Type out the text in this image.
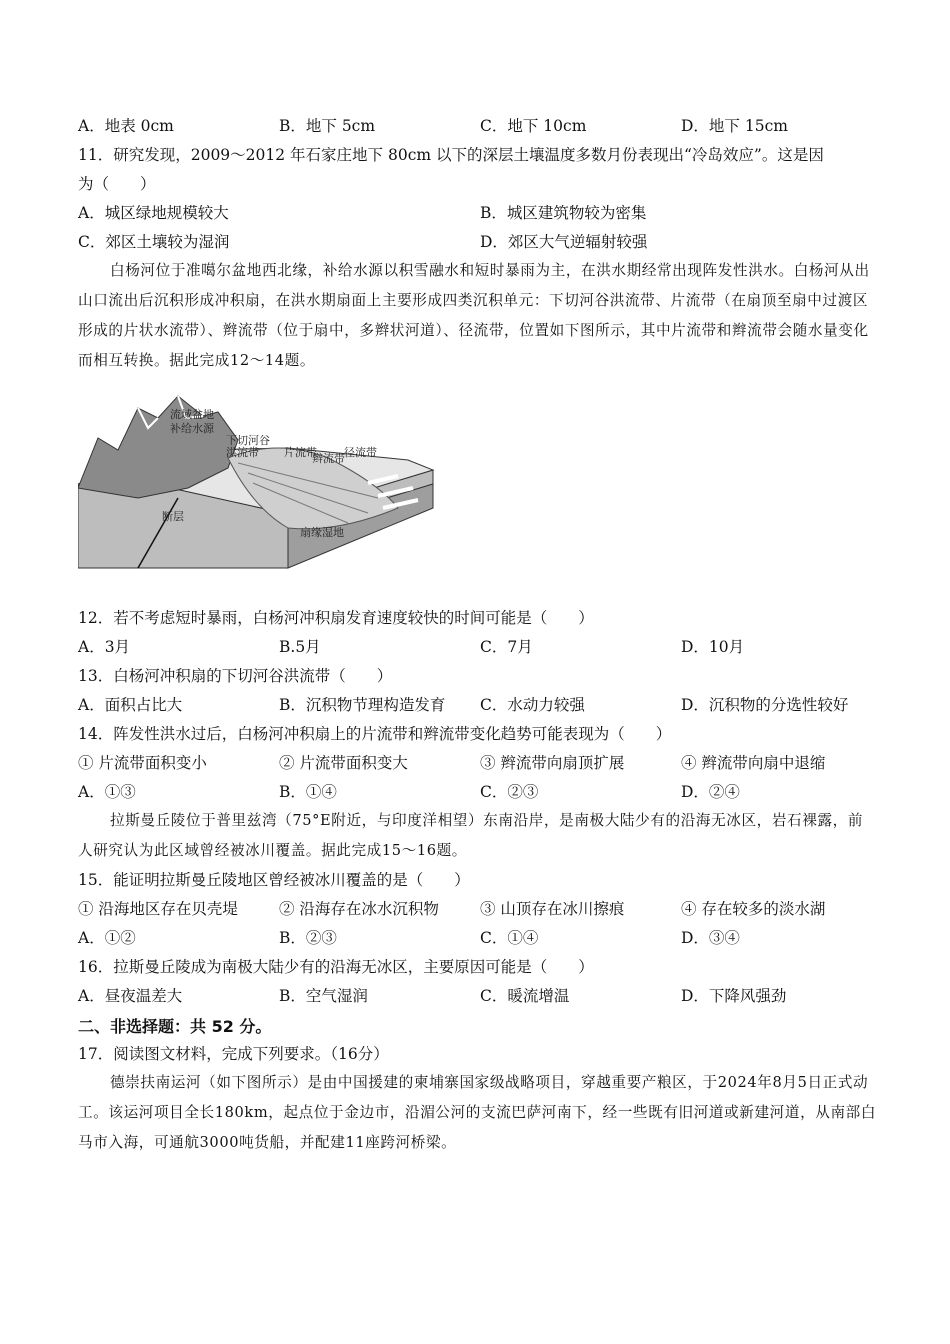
A．地表 0cm	B．地下 5cm	C．地下 10cm	D．地下 15cm
11．研究发现，2009～2012 年石家庄地下 80cm 以下的深层土壤温度多数月份表现出“冷岛效应”。这是因
为（　　）
A．城区绿地规模较大	B．城区建筑物较为密集
C．郊区土壤较为湿润	D．郊区大气逆辐射较强
白杨河位于准噶尔盆地西北缘，补给水源以积雪融水和短时暴雨为主，在洪水期经常出现阵发性洪水。白杨河从出山口流出后沉积形成冲积扇，在洪水期扇面上主要形成四类沉积单元：下切河谷洪流带、片流带（在扇顶至扇中过渡区形成的片状水流带）、辫流带（位于扇中，多辫状河道）、径流带，位置如下图所示，其中片流带和辫流带会随水量变化而相互转换。据此完成12～14题。
流域盆地
补给水源
下切河谷
洪流带 片流带
辫流带 径流带
断层
扇缘湿地
12．若不考虑短时暴雨，白杨河冲积扇发育速度较快的时间可能是（　　）
A．3月	B.5月	C．7月	D．10月
13．白杨河冲积扇的下切河谷洪流带（　　）
A．面积占比大	B．沉积物节理构造发育 C．水动力较强	D．沉积物的分选性较好
14．阵发性洪水过后，白杨河冲积扇上的片流带和辫流带变化趋势可能表现为（　　）
① 片流带面积变小	② 片流带面积变大	③ 辫流带向扇顶扩展	④ 辫流带向扇中退缩
A．①③	B．①④	C．②③	D．②④
拉斯曼丘陵位于普里兹湾（75°E附近，与印度洋相望）东南沿岸，是南极大陆少有的沿海无冰区，岩石裸露，前人研究认为此区域曾经被冰川覆盖。据此完成15～16题。
15．能证明拉斯曼丘陵地区曾经被冰川覆盖的是（　　）
① 沿海地区存在贝壳堤	② 沿海存在冰水沉积物	③ 山顶存在冰川擦痕	④ 存在较多的淡水湖
A．①②	B．②③	C．①④	D．③④
16．拉斯曼丘陵成为南极大陆少有的沿海无冰区，主要原因可能是（　　）
A．昼夜温差大	B．空气湿润	C．暖流增温	D．下降风强劲
二、非选择题：共 52 分。
17．阅读图文材料，完成下列要求。（16分）
德崇扶南运河（如下图所示）是由中国援建的柬埔寨国家级战略项目，穿越重要产粮区，于2024年8月5日正式动工。该运河项目全长180km，起点位于金边市，沿湄公河的支流巴萨河南下，经一些既有旧河道或新建河道，从南部白马市入海，可通航3000吨货船，并配建11座跨河桥梁。
